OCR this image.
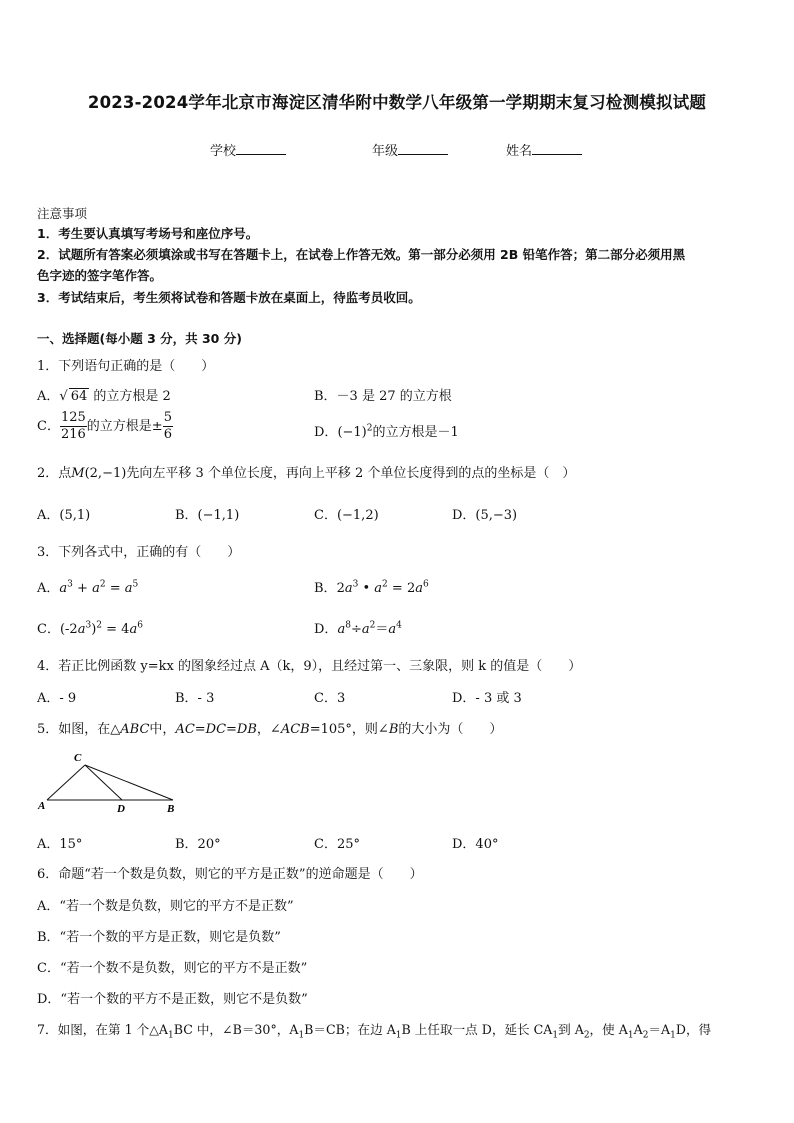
2023-2024学年北京市海淀区清华附中数学八年级第一学期期末复习检测模拟试题
学校	年级	姓名
注意事项
1．考生要认真填写考场号和座位序号。
2．试题所有答案必须填涂或书写在答题卡上，在试卷上作答无效。第一部分必须用 2B 铅笔作答；第二部分必须用黑
色字迹的签字笔作答。
3．考试结束后，考生须将试卷和答题卡放在桌面上，待监考员收回。
一、选择题(每小题 3 分，共 30 分)
1．下列语句正确的是（　　）
A．√ 64 的立方根是 2	B．－3 是 27 的立方根
C． $\frac{125}{216}$ 的立方根是± $\frac{5}{6}$	D．$(-1)^2$的立方根是－1
2．点M(2,−1)先向左平移 3 个单位长度，再向上平移 2 个单位长度得到的点的坐标是（　）
A．(5,1)	B．(−1,1)	C．(−1,2)	D．(5,−3)
3．下列各式中，正确的有（　　）
A．$a^3 + a^2 = a^5$	B．$2a^3$ • $a^2 = 2a^6$
C．$(-2a^3)^2 = 4a^6$	D．$a^8\div a^2=a^4$
4．若正比例函数 y=kx 的图象经过点 A（k，9），且经过第一、三象限，则 k 的值是（　　）
A．- 9	B．- 3	C．3	D．- 3 或 3
5．如图，在△ABC中，AC=DC=DB，∠ACB=105°，则∠B的大小为（　　）
C
A	D	B
A．15°	B．20°	C．25°	D．40°
6．命题“若一个数是负数，则它的平方是正数”的逆命题是（　　）
A．“若一个数是负数，则它的平方不是正数”
B．“若一个数的平方是正数，则它是负数”
C．“若一个数不是负数，则它的平方不是正数”
D．“若一个数的平方不是正数，则它不是负数”
7．如图，在第 1 个$\triangle A_1BC$ 中，∠B＝30°，$A_1B=CB$；在边 $A_1B$ 上任取一点 D，延长 $CA_1$到 $A_2$，使 $A_1A_2=A_1D$，得
